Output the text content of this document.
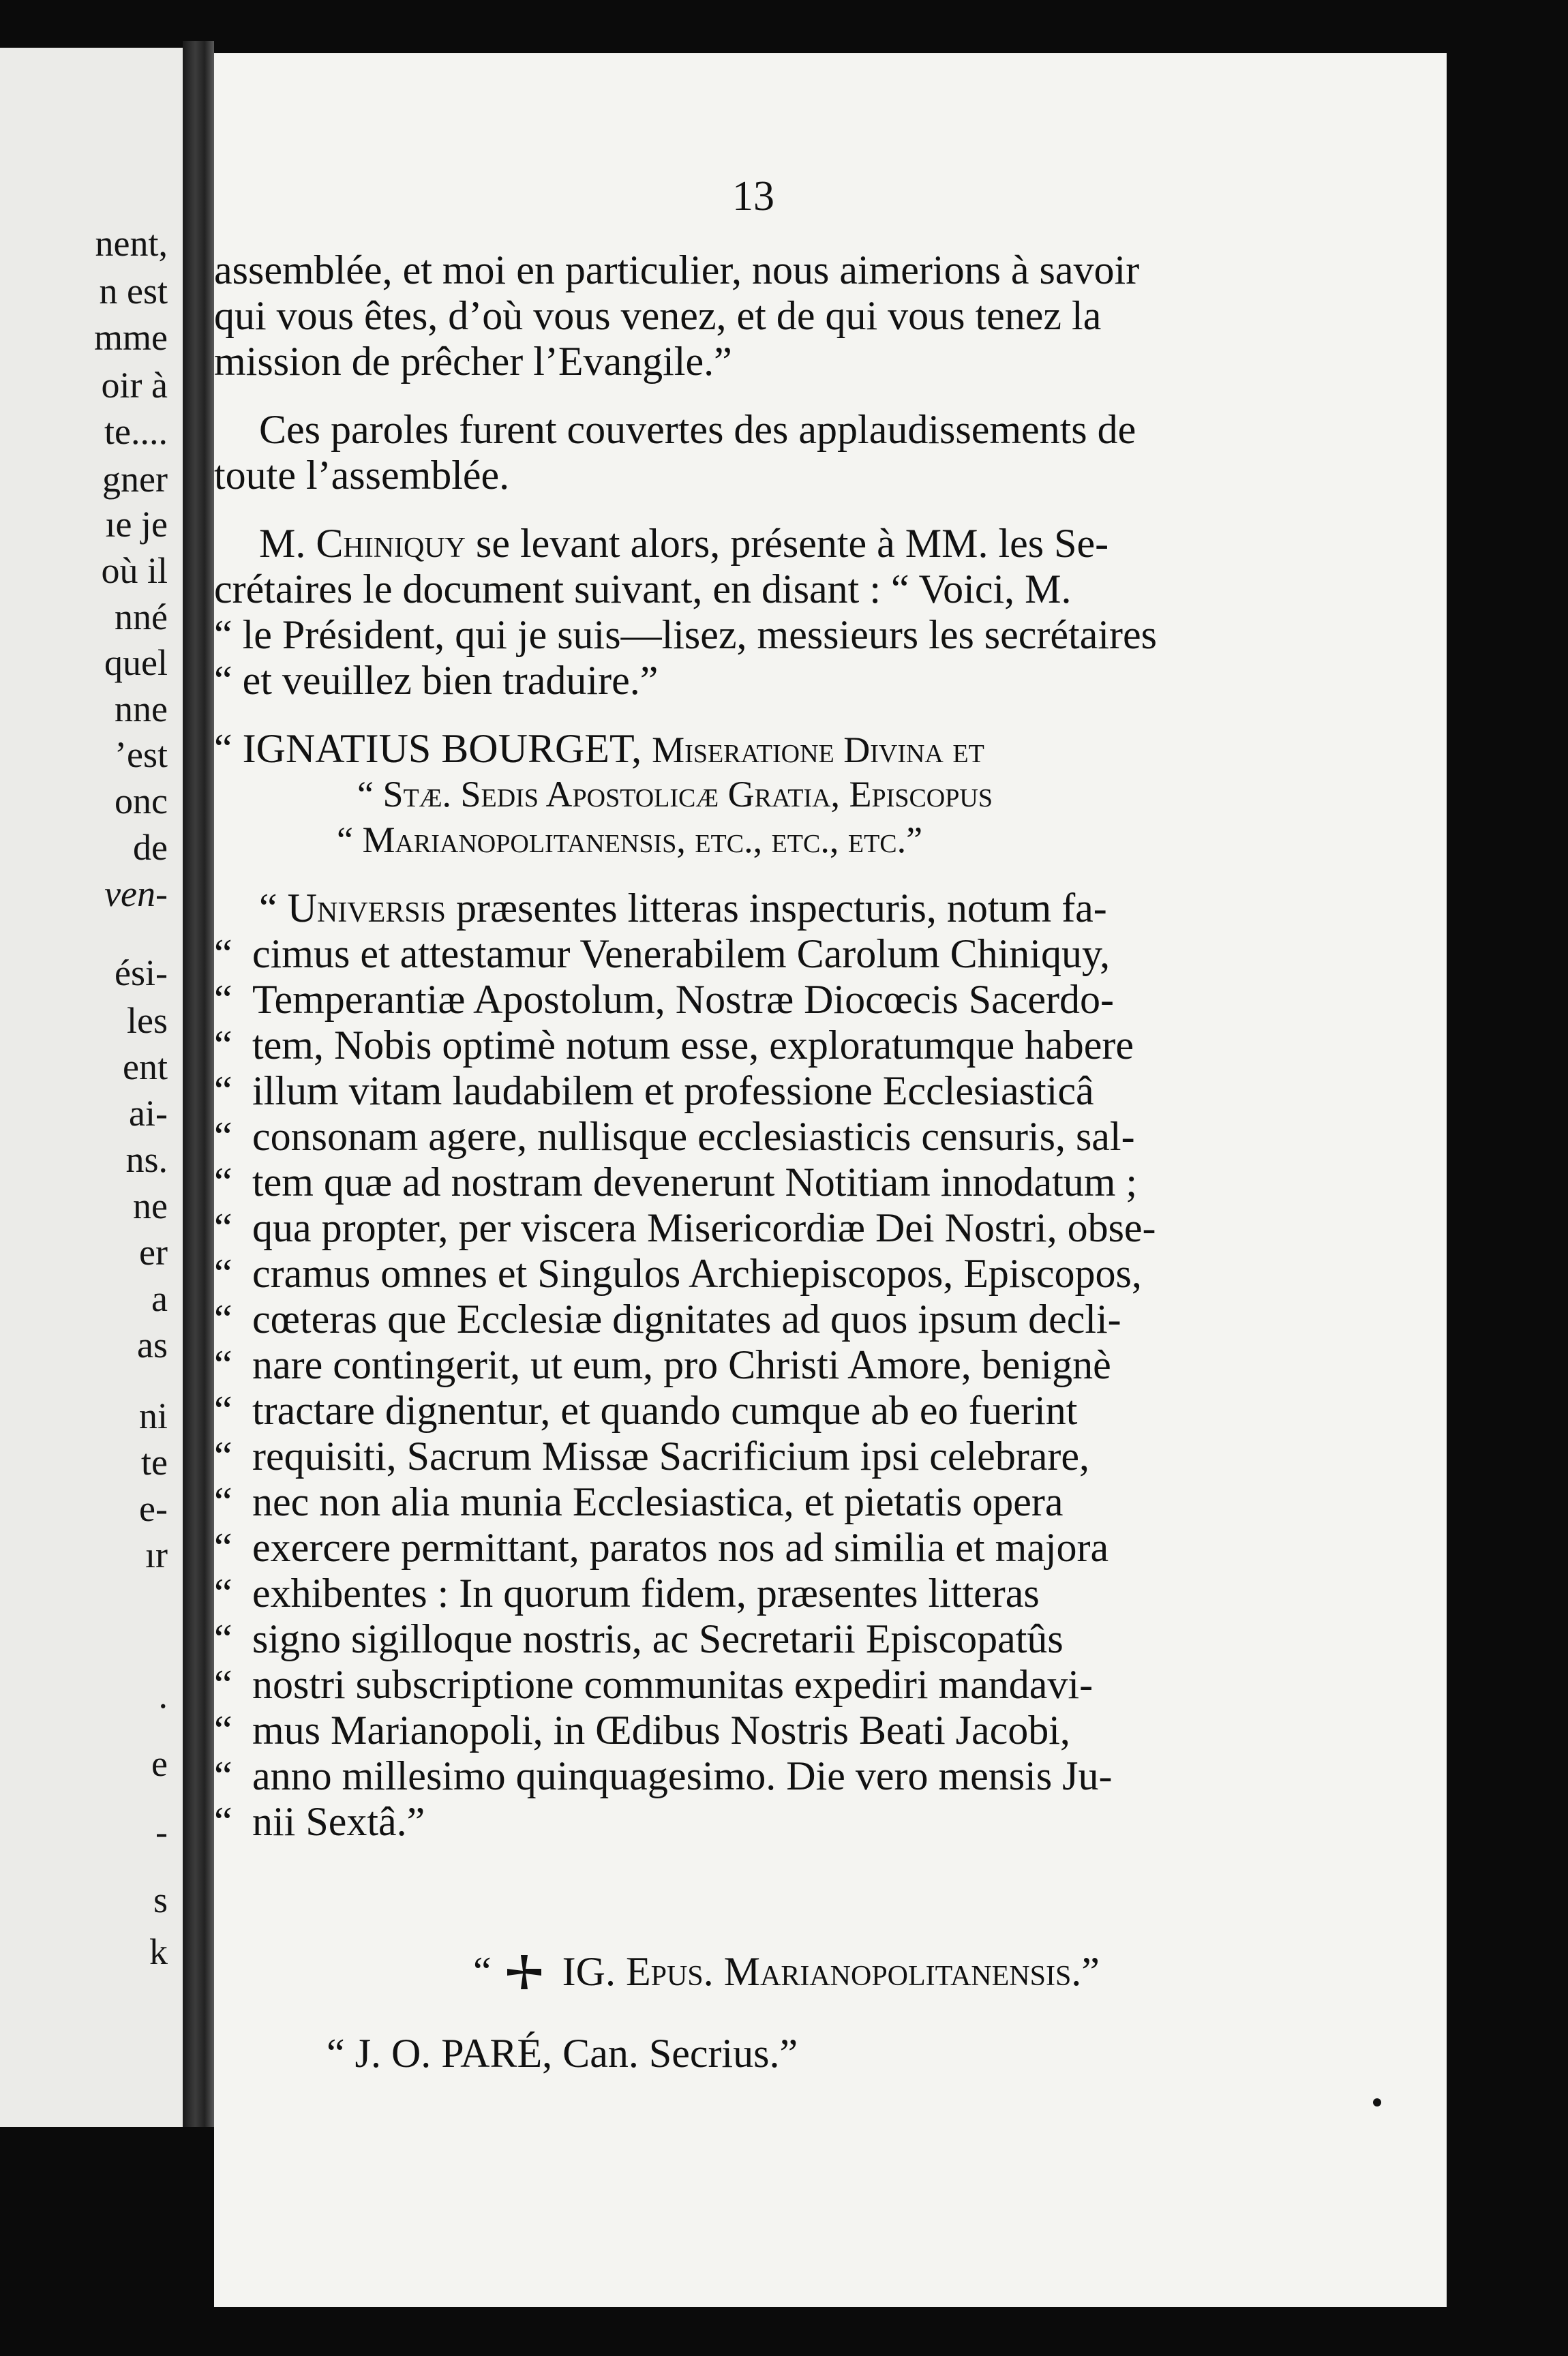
nent,
n est
mme
oir à
te....
gner
ıe je
où il
nné
quel
nne
’est
onc
de
ven-
ési-
les
ent
ai-
ns.
ne
er
a
as
ni
te
e-
ır
.
e
-
s
k
13
assemblée, et moi en particulier, nous aimerions à savoir
qui vous êtes, d’où vous venez, et de qui vous tenez la
mission de prêcher l’Evangile.”
Ces paroles furent couvertes des applaudissements de
toute l’assemblée.
M. Chiniquy se levant alors, présente à MM. les Se-
crétaires le document suivant, en disant : “ Voici, M.
“ le Président, qui je suis—lisez, messieurs les secrétaires
“ et veuillez bien traduire.”
“ IGNATIUS BOURGET, Miseratione Divina et
“ Stæ. Sedis Apostolicæ Gratia, Episcopus
“ Marianopolitanensis, etc., etc., etc.”
“ Universis præsentes litteras inspecturis, notum fa-
“ cimus et attestamur Venerabilem Carolum Chiniquy,
“ Temperantiæ Apostolum, Nostræ Diocœcis Sacerdo-
“ tem, Nobis optimè notum esse, exploratumque habere
“ illum vitam laudabilem et professione Ecclesiasticâ
“ consonam agere, nullisque ecclesiasticis censuris, sal-
“ tem quæ ad nostram devenerunt Notitiam innodatum ;
“ qua propter, per viscera Misericordiæ Dei Nostri, obse-
“ cramus omnes et Singulos Archiepiscopos, Episcopos,
“ cœteras que Ecclesiæ dignitates ad quos ipsum decli-
“ nare contingerit, ut eum, pro Christi Amore, benignè
“ tractare dignentur, et quando cumque ab eo fuerint
“ requisiti, Sacrum Missæ Sacrificium ipsi celebrare,
“ nec non alia munia Ecclesiastica, et pietatis opera
“ exercere permittant, paratos nos ad similia et majora
“ exhibentes : In quorum fidem, præsentes litteras
“ signo sigilloque nostris, ac Secretarii Episcopatûs
“ nostri subscriptione communitas expediri mandavi-
“ mus Marianopoli, in Œdibus Nostris Beati Jacobi,
“ anno millesimo quinquagesimo. Die vero mensis Ju-
“ nii Sextâ.”
“ IG. Epus. Marianopolitanensis.”
“ J. O. PARÉ, Can. Secrius.”
